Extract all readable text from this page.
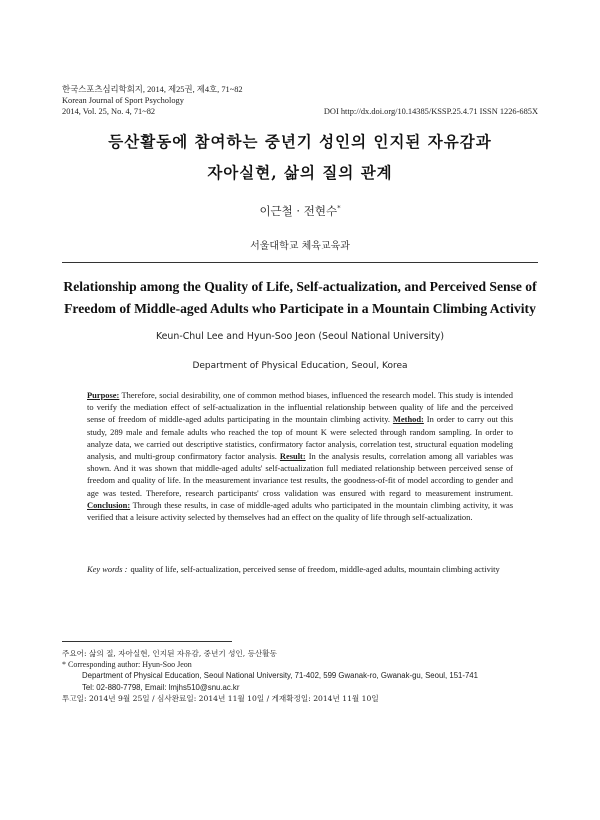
한국스포츠심리학회지, 2014, 제25권, 제4호, 71~82
Korean Journal of Sport Psychology
2014, Vol. 25, No. 4, 71~82	DOI http://dx.doi.org/10.14385/KSSP.25.4.71 ISSN 1226-685X
등산활동에 참여하는 중년기 성인의 인지된 자유감과
자아실현, 삶의 질의 관계
이근철 · 전현수*
서울대학교 체육교육과
Relationship among the Quality of Life, Self-actualization, and Perceived Sense of
Freedom of Middle-aged Adults who Participate in a Mountain Climbing Activity
Keun-Chul Lee and Hyun-Soo Jeon (Seoul National University)
Department of Physical Education, Seoul, Korea
Purpose: Therefore, social desirability, one of common method biases, influenced the research model. This study is intended to verify the mediation effect of self-actualization in the influential relationship between quality of life and the perceived sense of freedom of middle-aged adults participating in the mountain climbing activity. Method: In order to carry out this study, 289 male and female adults who reached the top of mount K were selected through random sampling. In order to analyze data, we carried out descriptive statistics, confirmatory factor analysis, correlation test, structural equation modeling analysis, and multi-group confirmatory factor analysis. Result: In the analysis results, correlation among all variables was shown. And it was shown that middle-aged adults' self-actualization full mediated relationship between perceived sense of freedom and quality of life. In the measurement invariance test results, the goodness-of-fit of model according to gender and age was tested. Therefore, research participants' cross validation was ensured with regard to measurement instrument. Conclusion: Through these results, in case of middle-aged adults who participated in the mountain climbing activity, it was verified that a leisure activity selected by themselves had an effect on the quality of life through self-actualization.
Key words : quality of life, self-actualization, perceived sense of freedom, middle-aged adults, mountain climbing activity
주요어: 삶의 질, 자아실현, 인지된 자유감, 중년기 성인, 등산활동
* Corresponding author: Hyun-Soo Jeon
Department of Physical Education, Seoul National University, 71-402, 599 Gwanak-ro, Gwanak-gu, Seoul, 151-741
Tel: 02-880-7798, Email: lmjhs510@snu.ac.kr
투고일: 2014년 9월 25일 / 심사완료일: 2014년 11월 10일 / 게재확정일: 2014년 11월 10일
